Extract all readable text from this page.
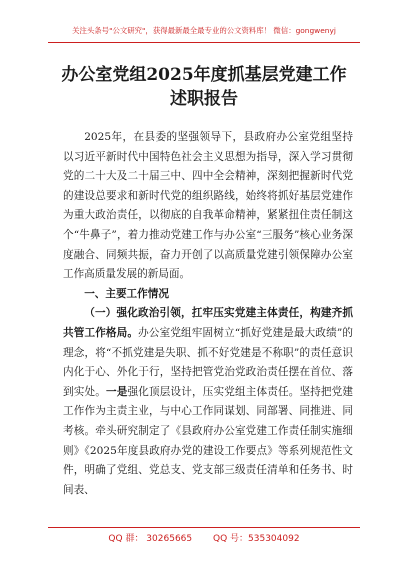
关注头条号"公文研究"，获得最新最全最专业的公文资料库！ 微信：gongwenyj
办公室党组2025年度抓基层党建工作述职报告

2025年，在县委的坚强领导下，县政府办公室党组坚持以习近平新时代中国特色社会主义思想为指导，深入学习贯彻党的二十大及二十届三中、四中全会精神，深刻把握新时代党的建设总要求和新时代党的组织路线，始终将抓好基层党建作为重大政治责任，以彻底的自我革命精神，紧紧扭住责任制这个“牛鼻子”，着力推动党建工作与办公室“三服务”核心业务深度融合、同频共振，奋力开创了以高质量党建引领保障办公室工作高质量发展的新局面。

一、主要工作情况

（一）强化政治引领，扛牢压实党建主体责任，构建齐抓共管工作格局。办公室党组牢固树立“抓好党建是最大政绩”的理念，将“不抓党建是失职、抓不好党建是不称职”的责任意识内化于心、外化于行，坚持把管党治党政治责任摆在首位、落到实处。一是强化顶层设计，压实党组主体责任。坚持把党建工作作为主责主业，与中心工作同谋划、同部署、同推进、同考核。牵头研究制定了《县政府办公室党建工作责任制实施细则》《2025年度县政府办党的建设工作要点》等系列规范性文件，明确了党组、党总支、党支部三级责任清单和任务书、时间表、

QQ 群： 30265665 QQ 号：535304092
